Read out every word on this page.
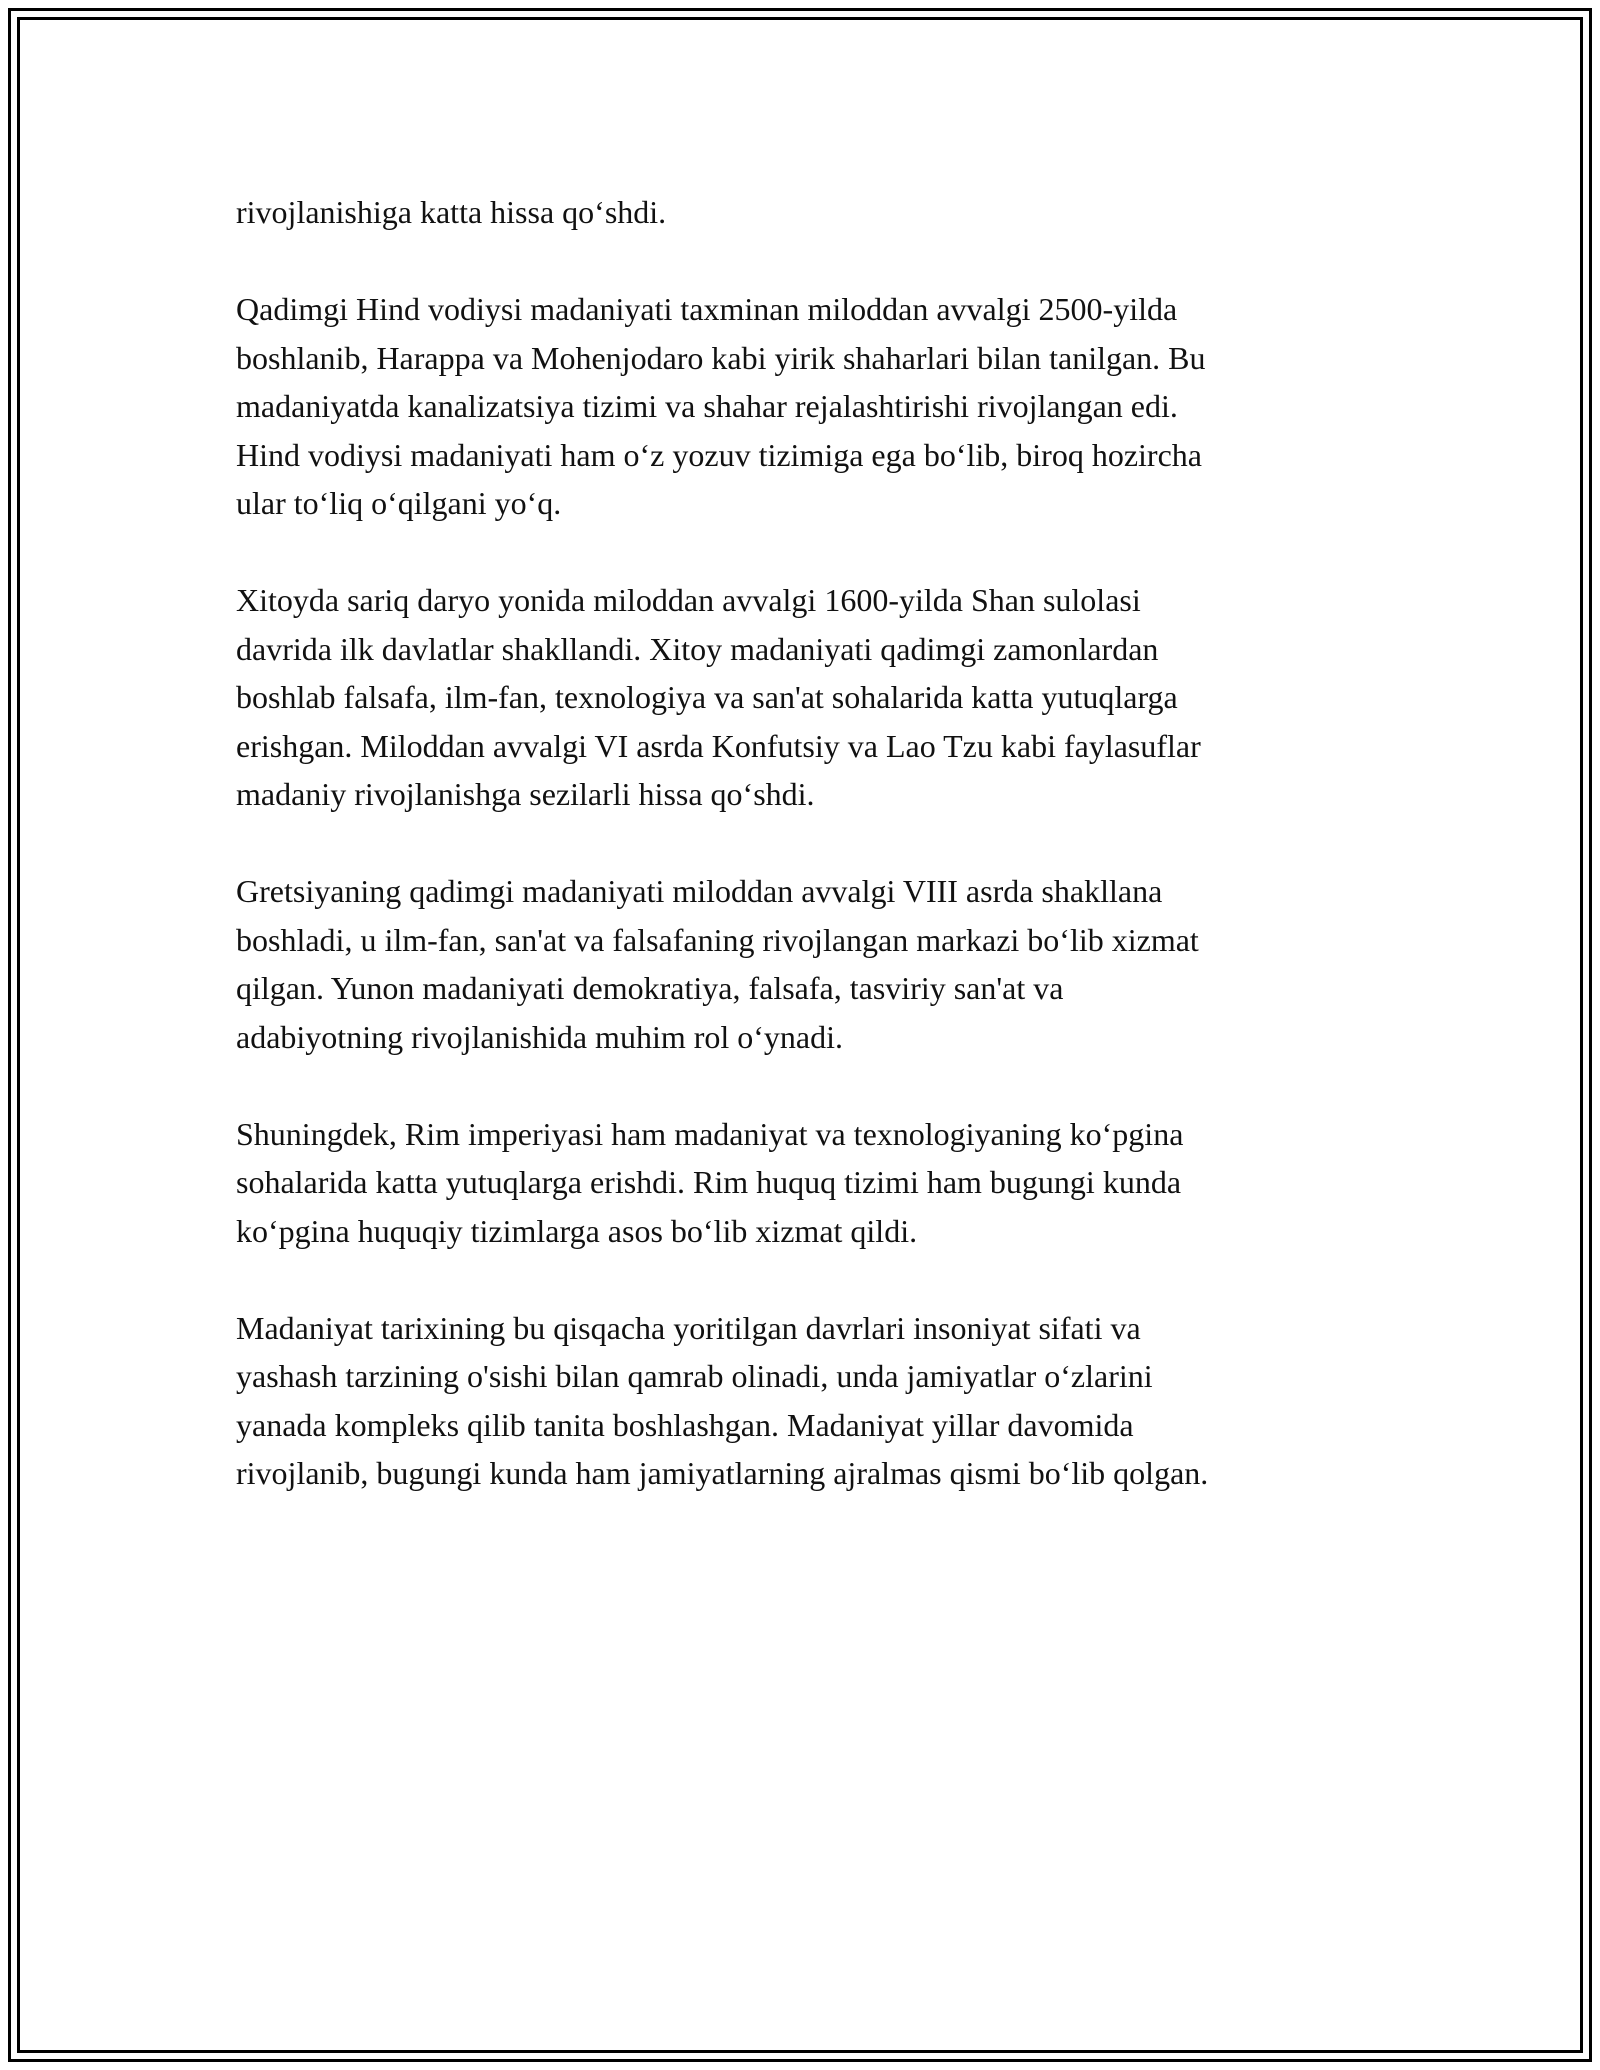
rivojlanishiga katta hissa qo‘shdi.

Qadimgi Hind vodiysi madaniyati taxminan miloddan avvalgi 2500-yilda
boshlanib, Harappa va Mohenjodaro kabi yirik shaharlari bilan tanilgan. Bu
madaniyatda kanalizatsiya tizimi va shahar rejalashtirishi rivojlangan edi.
Hind vodiysi madaniyati ham o‘z yozuv tizimiga ega bo‘lib, biroq hozircha
ular to‘liq o‘qilgani yo‘q.

Xitoyda sariq daryo yonida miloddan avvalgi 1600-yilda Shan sulolasi
davrida ilk davlatlar shakllandi. Xitoy madaniyati qadimgi zamonlardan
boshlab falsafa, ilm-fan, texnologiya va san'at sohalarida katta yutuqlarga
erishgan. Miloddan avvalgi VI asrda Konfutsiy va Lao Tzu kabi faylasuflar
madaniy rivojlanishga sezilarli hissa qo‘shdi.

Gretsiyaning qadimgi madaniyati miloddan avvalgi VIII asrda shakllana
boshladi, u ilm-fan, san'at va falsafaning rivojlangan markazi bo‘lib xizmat
qilgan. Yunon madaniyati demokratiya, falsafa, tasviriy san'at va
adabiyotning rivojlanishida muhim rol o‘ynadi.

Shuningdek, Rim imperiyasi ham madaniyat va texnologiyaning ko‘pgina
sohalarida katta yutuqlarga erishdi. Rim huquq tizimi ham bugungi kunda
ko‘pgina huquqiy tizimlarga asos bo‘lib xizmat qildi.

Madaniyat tarixining bu qisqacha yoritilgan davrlari insoniyat sifati va
yashash tarzining o'sishi bilan qamrab olinadi, unda jamiyatlar o‘zlarini
yanada kompleks qilib tanita boshlashgan. Madaniyat yillar davomida
rivojlanib, bugungi kunda ham jamiyatlarning ajralmas qismi bo‘lib qolgan.
